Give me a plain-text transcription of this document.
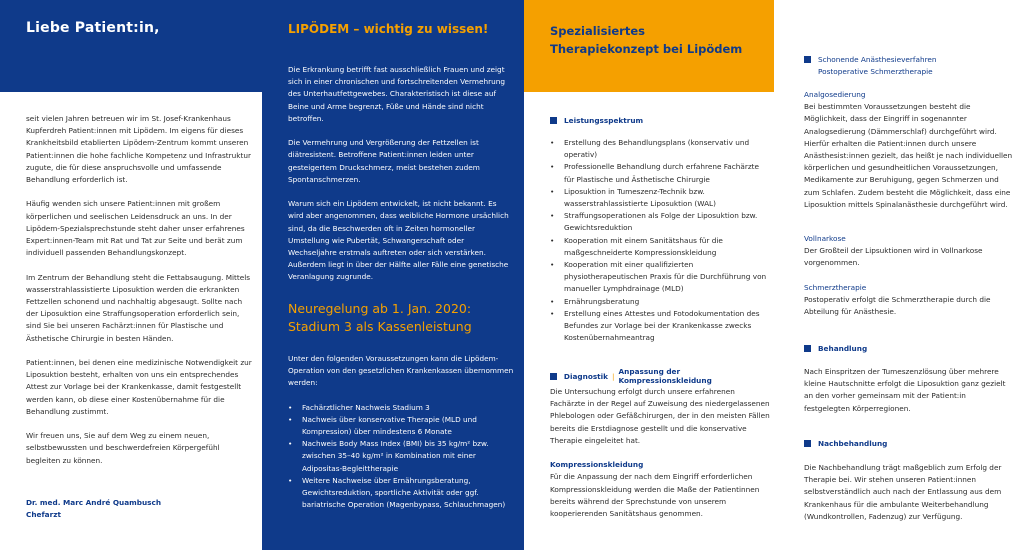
Liebe Patient:in,

seit vielen Jahren betreuen wir im St. Josef-Krankenhaus Kupferdreh Patient:innen mit Lipödem. Im eigens für dieses Krankheitsbild etablierten Lipödem-Zentrum kommt unseren Patient:innen die hohe fachliche Kompetenz und Infrastruktur zugute, die für diese anspruchsvolle und umfassende Behandlung erforderlich ist.

Häufig wenden sich unsere Patient:innen mit großem körperlichen und seelischen Leidensdruck an uns. In der Lipödem-Spezialsprechstunde steht daher unser erfahrenes Expert:innen-Team mit Rat und Tat zur Seite und berät zum individuell passenden Behandlungskonzept.

Im Zentrum der Behandlung steht die Fettabsaugung. Mittels wasserstrahlassistierte Liposuktion werden die erkrankten Fettzellen schonend und nachhaltig abgesaugt. Sollte nach der Liposuktion eine Straffungsoperation erforderlich sein, sind Sie bei unseren Fachärzt:innen für Plastische und Ästhetische Chirurgie in besten Händen.

Patient:innen, bei denen eine medizinische Notwendigkeit zur Liposuktion besteht, erhalten von uns ein entsprechendes Attest zur Vorlage bei der Krankenkasse, damit festgestellt werden kann, ob diese einer Kostenübernahme für die Behandlung zustimmt.

Wir freuen uns, Sie auf dem Weg zu einem neuen, selbstbewussten und beschwerdefreien Körpergefühl begleiten zu können.

Dr. med. Marc André Quambusch
Chefarzt
LIPÖDEM – wichtig zu wissen!

Die Erkrankung betrifft fast ausschließlich Frauen und zeigt sich in einer chronischen und fortschreitenden Vermehrung des Unterhautfettgewebes. Charakteristisch ist diese auf Beine und Arme begrenzt, Füße und Hände sind nicht betroffen.

Die Vermehrung und Vergrößerung der Fettzellen ist diätresistent. Betroffene Patient:innen leiden unter gesteigertem Druckschmerz, meist bestehen zudem Spontanschmerzen.

Warum sich ein Lipödem entwickelt, ist nicht bekannt. Es wird aber angenommen, dass weibliche Hormone ursächlich sind, da die Beschwerden oft in Zeiten hormoneller Umstellung wie Pubertät, Schwangerschaft oder Wechseljahre erstmals auftreten oder sich verstärken. Außerdem liegt in über der Hälfte aller Fälle eine genetische Veranlagung zugrunde.

Neuregelung ab 1. Jan. 2020:
Stadium 3 als Kassenleistung

Unter den folgenden Voraussetzungen kann die Lipödem-Operation von den gesetzlichen Krankenkassen übernommen werden:

• Fachärztlicher Nachweis Stadium 3
• Nachweis über konservative Therapie (MLD und Kompression) über mindestens 6 Monate
• Nachweis Body Mass Index (BMI) bis 35 kg/m² bzw. zwischen 35–40 kg/m² in Kombination mit einer Adipositas-Begleittherapie
• Weitere Nachweise über Ernährungsberatung, Gewichtsreduktion, sportliche Aktivität oder ggf. bariatrische Operation (Magenbypass, Schlauchmagen)
Spezialisiertes Therapiekonzept bei Lipödem
Leistungsspektrum
• Erstellung des Behandlungsplans (konservativ und operativ)
• Professionelle Behandlung durch erfahrene Fachärzte für Plastische und Ästhetische Chirurgie
• Liposuktion in Tumeszenz-Technik bzw. wasserstrahlassistierte Liposuktion (WAL)
• Straffungsoperationen als Folge der Liposuktion bzw. Gewichtsreduktion
• Kooperation mit einem Sanitätshaus für die maßgeschneiderte Kompressionskleidung
• Kooperation mit einer qualifizierten physiotherapeutischen Praxis für die Durchführung von manueller Lymphdrainage (MLD)
• Ernährungsberatung
• Erstellung eines Attestes und Fotodokumentation des Befundes zur Vorlage bei der Krankenkasse zwecks Kostenübernahmeantrag
Diagnostik | Anpassung der Kompressionskleidung

Die Untersuchung erfolgt durch unsere erfahrenen Fachärzte in der Regel auf Zuweisung des niedergelassenen Phlebologen oder Gefäßchirurgen, der in den meisten Fällen bereits die Erstdiagnose gestellt und die konservative Therapie eingeleitet hat.

Kompressionskleidung

Für die Anpassung der nach dem Eingriff erforderlichen Kompressionskleidung werden die Maße der Patientinnen bereits während der Sprechstunde von unserem kooperierenden Sanitätshaus genommen.

Schonende Anästhesieverfahren
Postoperative Schmerztherapie
Analgosedierung

Bei bestimmten Voraussetzungen besteht die Möglichkeit, dass der Eingriff in sogenannter Analogsedierung (Dämmerschlaf) durchgeführt wird. Hierfür erhalten die Patient:innen durch unsere Anästhesist:innen gezielt, das heißt je nach individuellen körperlichen und gesundheitlichen Voraussetzungen, Medikamente zur Beruhigung, gegen Schmerzen und zum Schlafen. Zudem besteht die Möglichkeit, dass eine Liposuktion mittels Spinalanästhesie durchgeführt wird.

Vollnarkose

Der Großteil der Lipsuktionen wird in Vollnarkose vorgenommen.

Schmerztherapie

Postoperativ erfolgt die Schmerztherapie durch die Abteilung für Anästhesie.

Behandlung

Nach Einspritzen der Tumeszenzlösung über mehrere kleine Hautschnitte erfolgt die Liposuktion ganz gezielt an den vorher gemeinsam mit der Patient:in festgelegten Körperregionen.

Nachbehandlung

Die Nachbehandlung trägt maßgeblich zum Erfolg der Therapie bei. Wir stehen unseren Patient:innen selbstverständlich auch nach der Entlassung aus dem Krankenhaus für die ambulante Weiterbehandlung (Wundkontrollen, Fadenzug) zur Verfügung.
